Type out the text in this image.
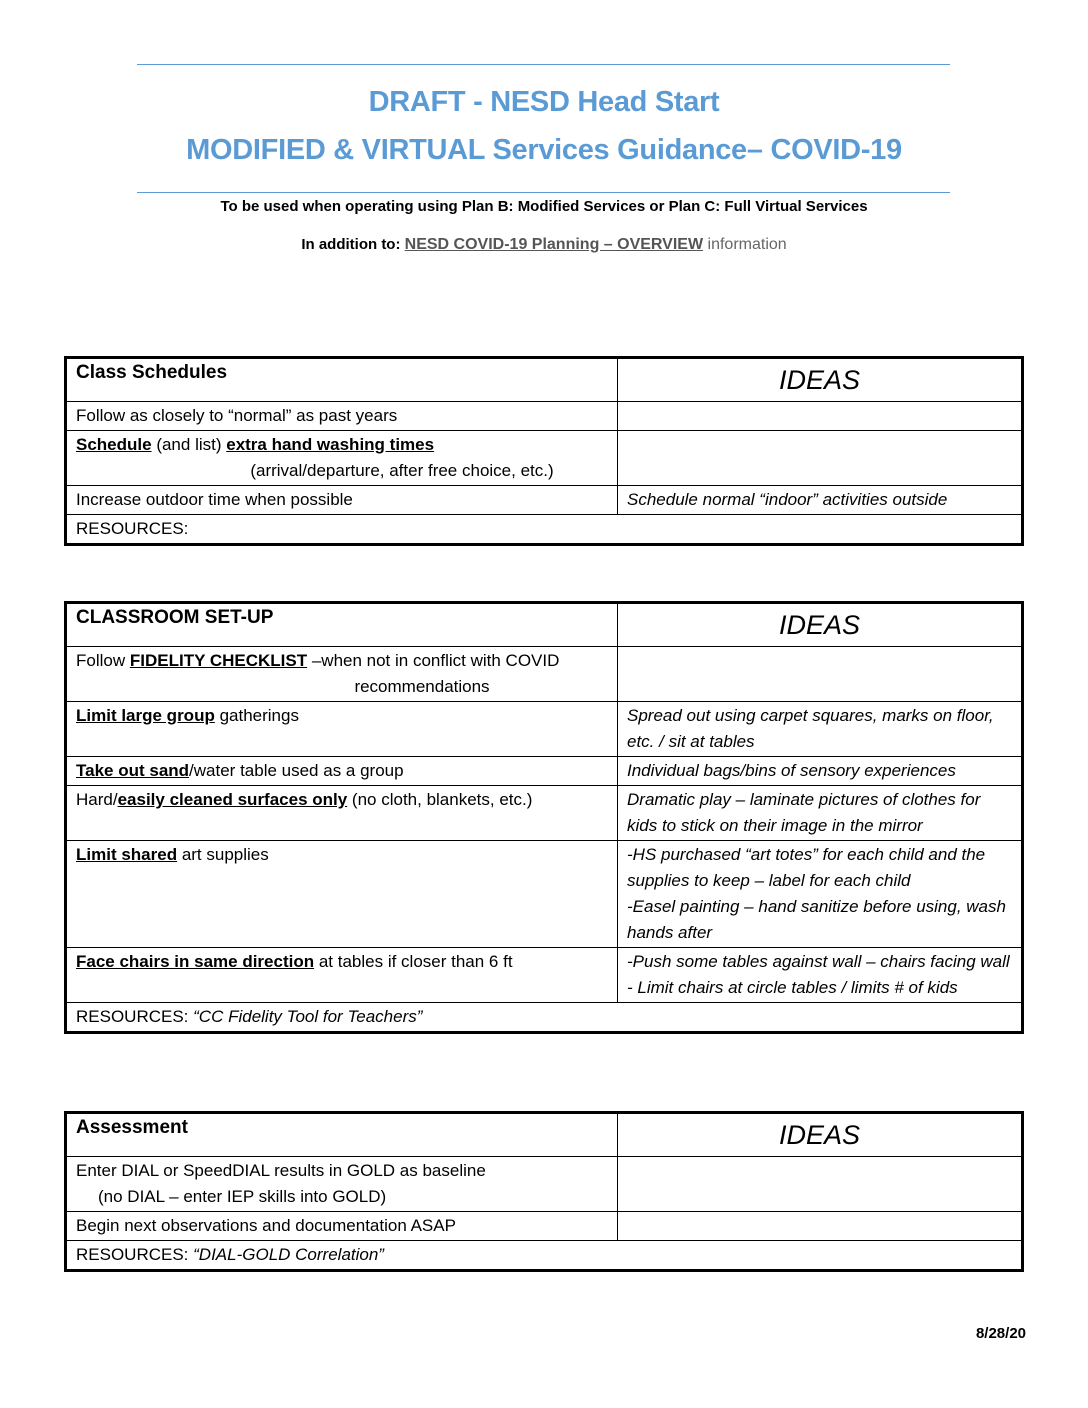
DRAFT - NESD Head Start
MODIFIED & VIRTUAL Services Guidance– COVID-19
To be used when operating using Plan B: Modified Services or Plan C: Full Virtual Services
In addition to: NESD COVID-19 Planning – OVERVIEW information
Class Schedules	IDEAS
Follow as closely to “normal” as past years	
Schedule (and list) extra hand washing times
(arrival/departure, after free choice, etc.)	

Increase outdoor time when possible	Schedule normal “indoor” activities outside
RESOURCES:	
CLASSROOM SET-UP	IDEAS
Follow FIDELITY CHECKLIST –when not in conflict with COVID
recommendations	

Limit large group gatherings	Spread out using carpet squares, marks on floor, etc. / sit at tables
Take out sand/water table used as a group	Individual bags/bins of sensory experiences
Hard/easily cleaned surfaces only (no cloth, blankets, etc.)	Dramatic play – laminate pictures of clothes for kids to stick on their image in the mirror
Limit shared art supplies	-HS purchased “art totes” for each child and the supplies to keep – label for each child
-Easel painting – hand sanitize before using, wash hands after

Face chairs in same direction at tables if closer than 6 ft	-Push some tables against wall – chairs facing wall
- Limit chairs at circle tables / limits # of kids

RESOURCES: “CC Fidelity Tool for Teachers”	
Assessment	IDEAS
Enter DIAL or SpeedDIAL results in GOLD as baseline
(no DIAL – enter IEP skills into GOLD)	

Begin next observations and documentation ASAP	
RESOURCES: “DIAL-GOLD Correlation”	
8/28/20
